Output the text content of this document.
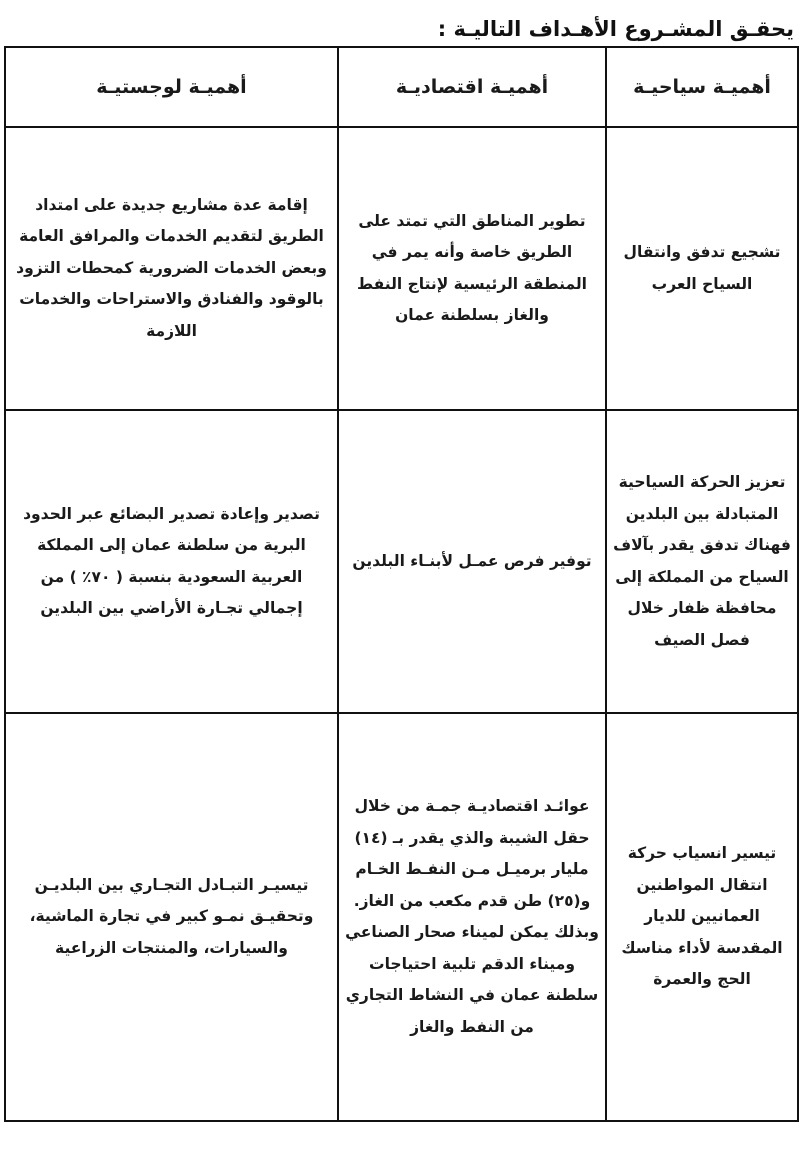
يحقـق المشـروع الأهـداف التاليـة :
أهميـة سياحيـة	أهميـة اقتصاديـة	أهميـة لوجستيـة
تشجيع تدفق وانتقال السياح العرب	تطوير المناطق التي تمتد على الطريق خاصة وأنه يمر في المنطقة الرئيسية لإنتاج النفط والغاز بسلطنة عمان	إقامة عدة مشاريع جديدة على امتداد الطريق لتقديم الخدمات والمرافق العامة وبعض الخدمات الضرورية كمحطات التزود بالوقود والفنادق والاستراحات والخدمات اللازمة
تعزيز الحركة السياحية المتبادلة بين البلدين فهناك تدفق يقدر بآلاف السياح من المملكة إلى محافظة ظفار خلال فصل الصيف	توفير فرص عمـل لأبنـاء البلدين	تصدير وإعادة تصدير البضائع عبر الحدود البرية من سلطنة عمان إلى المملكة العربية السعودية بنسبة ( ٧٠٪ ) من إجمالي تجـارة الأراضي بين البلدين
تيسير انسياب حركة انتقال المواطنين العمانيين للديار المقدسة لأداء مناسك الحج والعمرة	عوائـد اقتصاديـة جمـة من خلال حقل الشيبة والذي يقدر بـ (١٤) مليار برميـل مـن النفـط الخـام و(٢٥) طن قدم مكعب من الغاز. وبذلك يمكن لميناء صحار الصناعي وميناء الدقم تلبية احتياجات سلطنة عمان في النشاط التجاري من النفط والغاز	تيسيـر التبـادل التجـاري بين البلديـن وتحقيـق نمـو كبير في تجارة الماشية، والسيارات، والمنتجات الزراعية
